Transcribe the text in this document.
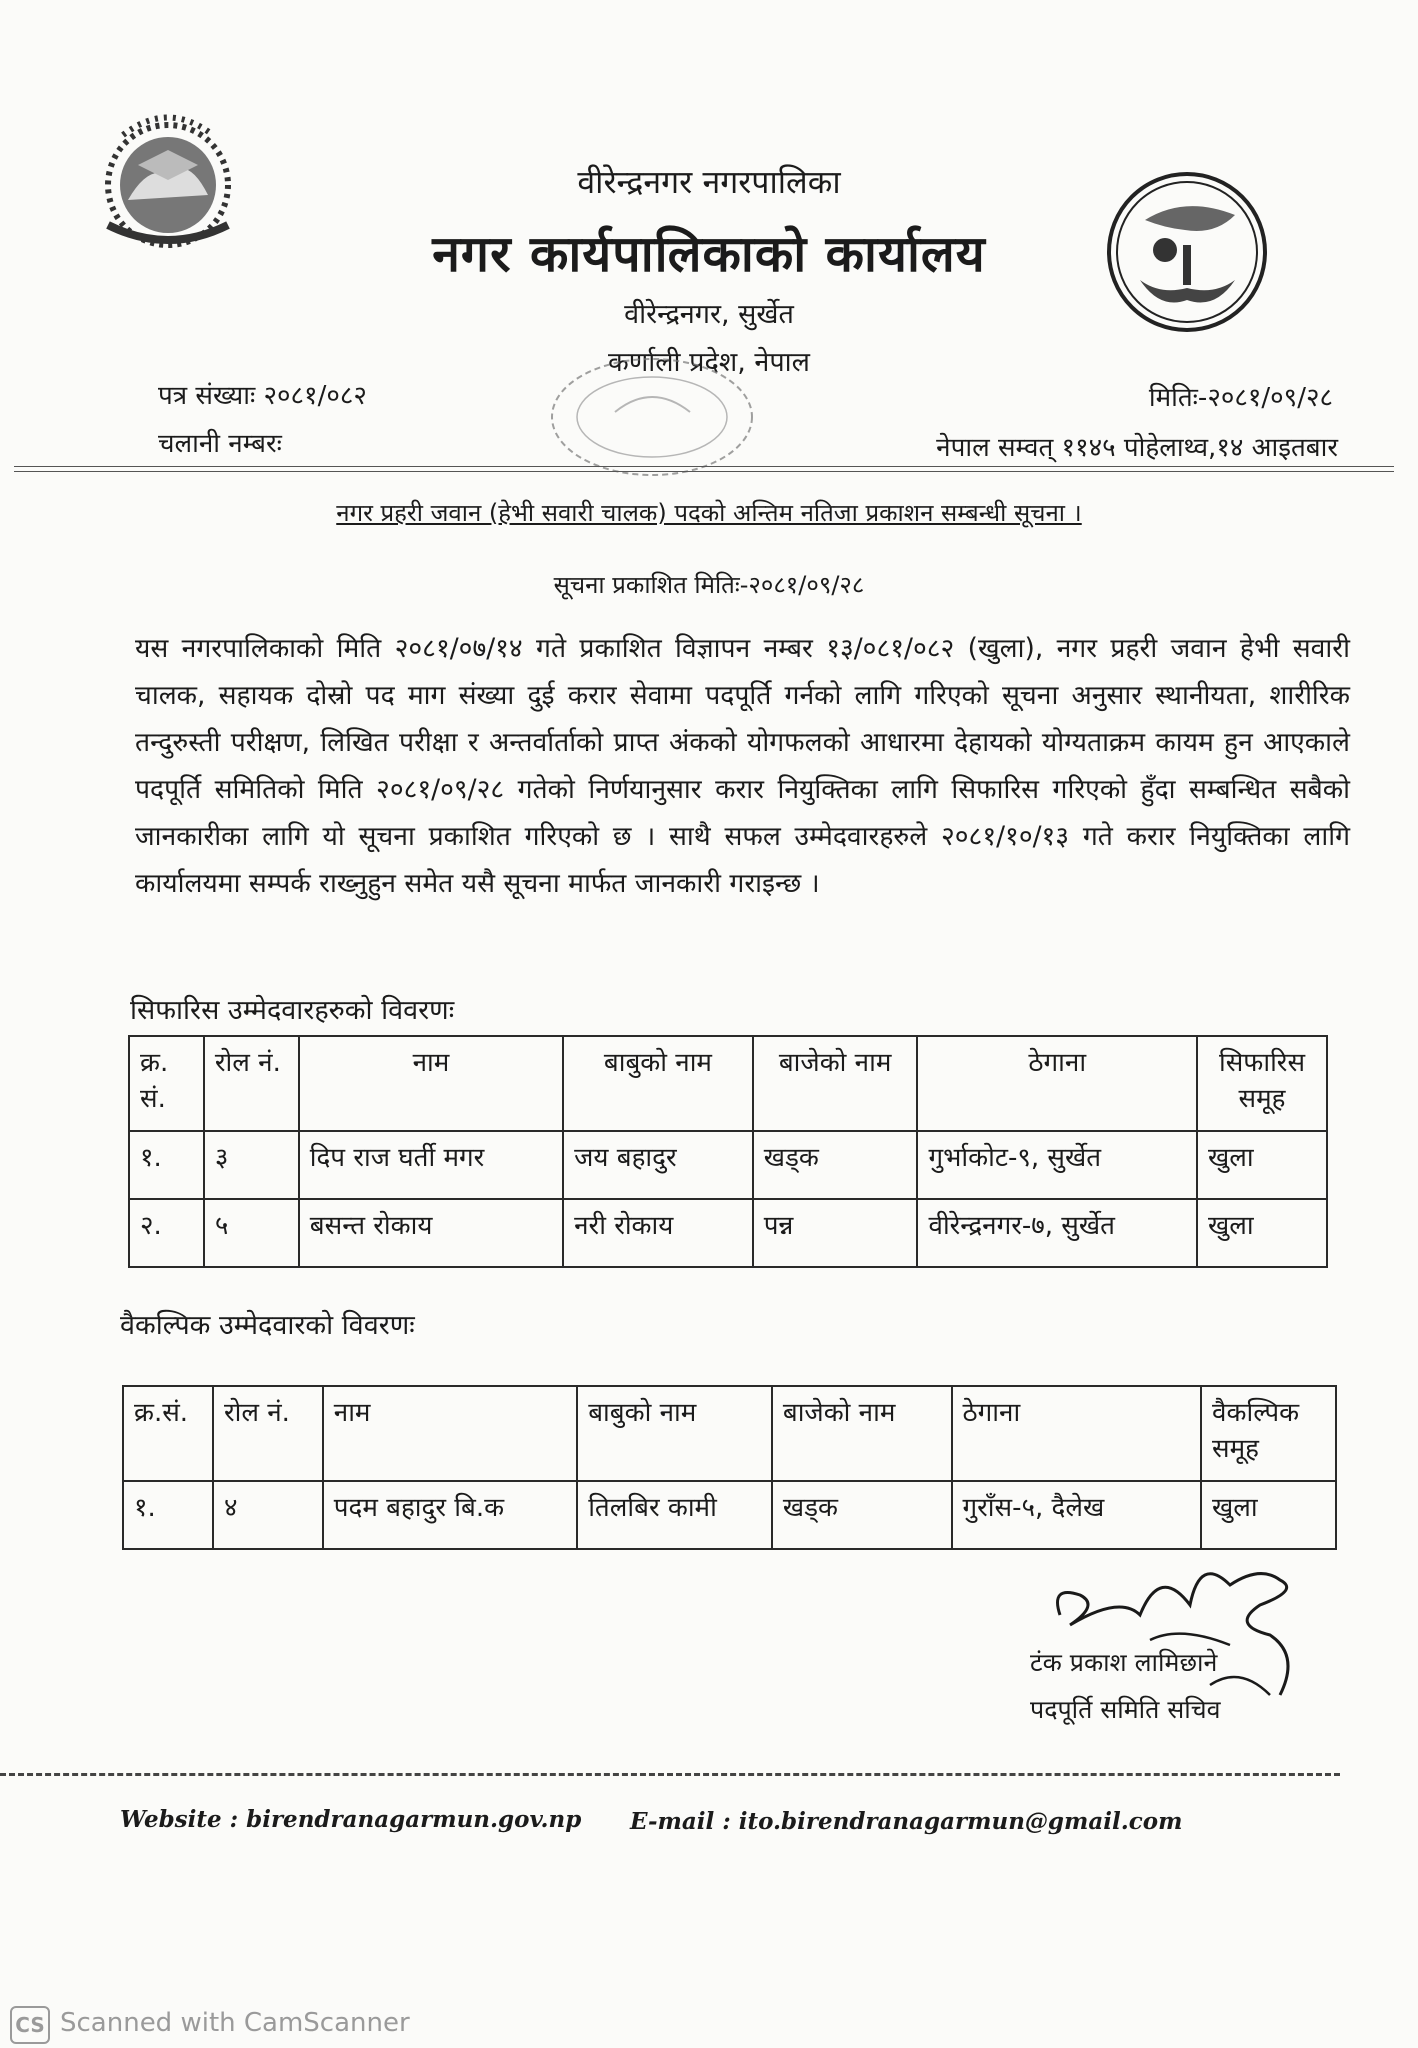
वीरेन्द्रनगर नगरपालिका
नगर कार्यपालिकाको कार्यालय
वीरेन्द्रनगर, सुर्खेत
कर्णाली प्रदेश, नेपाल
पत्र संख्याः २०८१/०८२
चलानी नम्बरः
मितिः-२०८१/०९/२८
नेपाल सम्वत् ११४५ पोहेलाथ्व,१४ आइतबार
नगर प्रहरी जवान (हेभी सवारी चालक) पदको अन्तिम नतिजा प्रकाशन सम्बन्धी सूचना ।
सूचना प्रकाशित मितिः-२०८१/०९/२८
यस नगरपालिकाको मिति २०८१/०७/१४ गते प्रकाशित विज्ञापन नम्बर १३/०८१/०८२ (खुला), नगर प्रहरी जवान हेभी सवारी चालक, सहायक दोस्रो पद माग संख्या दुई करार सेवामा पदपूर्ति गर्नको लागि गरिएको सूचना अनुसार स्थानीयता, शारीरिक तन्दुरुस्ती परीक्षण, लिखित परीक्षा र अन्तर्वार्ताको प्राप्त अंकको योगफलको आधारमा देहायको योग्यताक्रम कायम हुन आएकाले पदपूर्ति समितिको मिति २०८१/०९/२८ गतेको निर्णयानुसार करार नियुक्तिका लागि सिफारिस गरिएको हुँदा सम्बन्धित सबैको जानकारीका लागि यो सूचना प्रकाशित गरिएको छ । साथै सफल उम्मेदवारहरुले २०८१/१०/१३ गते करार नियुक्तिका लागि कार्यालयमा सम्पर्क राख्नुहुन समेत यसै सूचना मार्फत जानकारी गराइन्छ ।
सिफारिस उम्मेदवारहरुको विवरणः
क्र. सं.	रोल नं.	नाम	बाबुको नाम	बाजेको नाम	ठेगाना	सिफारिस समूह
१.	३	दिप राज घर्ती मगर	जय बहादुर	खड्क	गुर्भाकोट-९, सुर्खेत	खुला
२.	५	बसन्त रोकाय	नरी रोकाय	पन्न	वीरेन्द्रनगर-७, सुर्खेत	खुला
वैकल्पिक उम्मेदवारको विवरणः
क्र.सं.	रोल नं.	नाम	बाबुको नाम	बाजेको नाम	ठेगाना	वैकल्पिक समूह
१.	४	पदम बहादुर बि.क	तिलबिर कामी	खड्क	गुराँस-५, दैलेख	खुला
टंक प्रकाश लामिछाने
पदपूर्ति समिति सचिव
Website : birendranagarmun.gov.np E-mail : ito.birendranagarmun@gmail.com
CS Scanned with CamScanner
